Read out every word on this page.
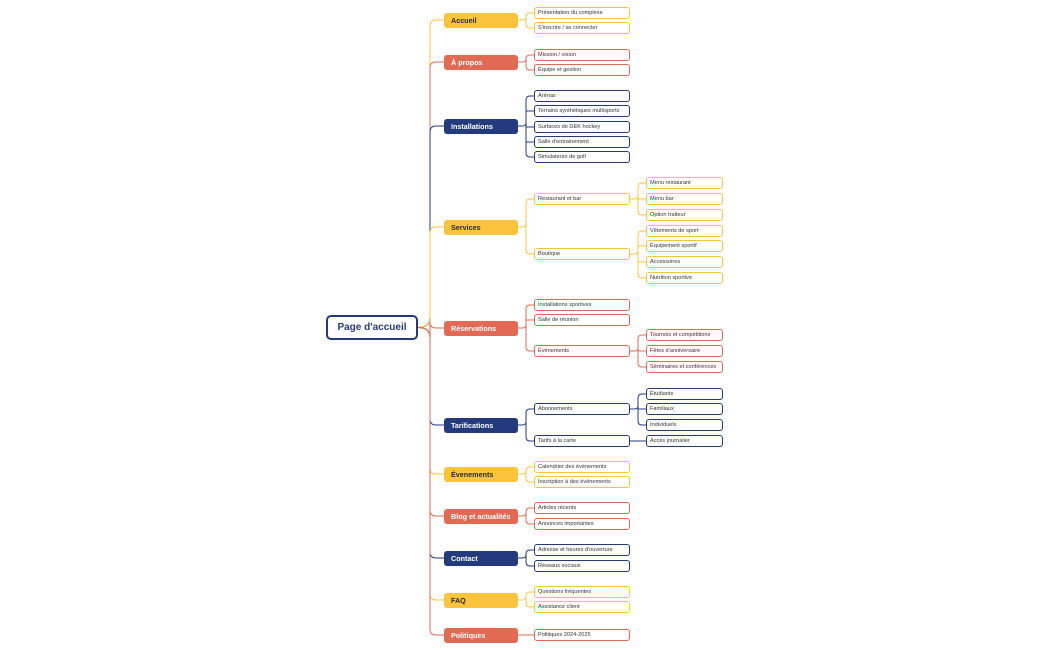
Page d'accueil
Accueil
Présentation du complexe
S'inscrire / se connecter
À propos
Mission / vision
Équipe et gestion
Installations
Arénas
Terrains synthétiques multisports
Surfaces de DEK hockey
Salle d'entrainement
Simulateurs de golf
Services
Restaurant et bar
Menu restaurant
Menu bar
Option traiteur
Boutique
Vêtements de sport
Équipement sportif
Accessoires
Nutrition sportive
Réservations
Installations sportives
Salle de réunion
Événements
Tournois et compétitions
Fêtes d'anniversaire
Séminaires et conférences
Tarifications
Abonnements
Étudiants
Familiaux
Individuels
Tarifs à la carte	Accès journalier
Évenements
Calendrier des événements
Inscription à des événements
Blog et actualités
Articles récents
Annonces importantes
Contact
Adresse et heures d'ouverture
Réseaux sociaux
FAQ
Questions fréquentes
Assistance client
Politiques	Politiques 2024-2025
